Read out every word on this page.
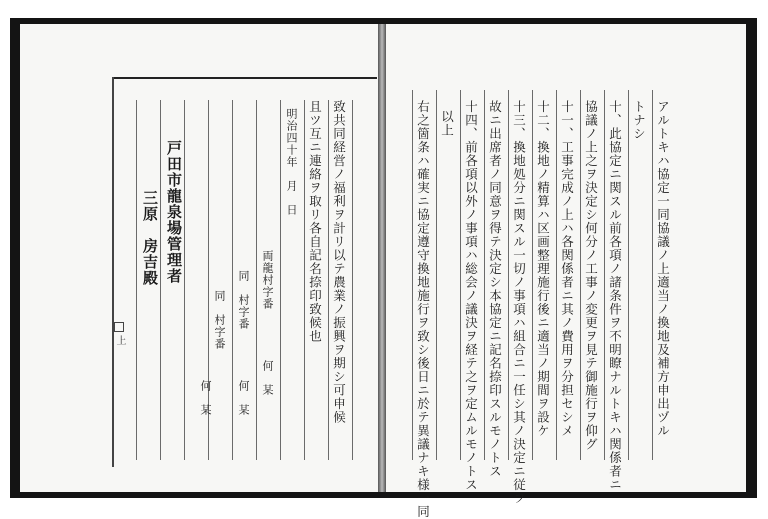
アルトキハ協定一同協議ノ上適当ノ換地及補方申出ヅル
トナシ
十、此協定ニ関スル前各項ノ諸条件ヲ不明瞭ナルトキハ関係者ニ
協議ノ上之ヲ決定シ何分ノ工事ノ変更ヲ見テ御施行ヲ仰グ
十一、工事完成ノ上ハ各関係者ニ其ノ費用ヲ分担セシメ
十二、換地ノ精算ハ区画整理施行後ニ適当ノ期間ヲ設ケ
十三、換地処分ニ関スル一切ノ事項ハ組合ニ一任シ其ノ決定ニ従フ
故ニ出席者ノ同意ヲ得テ決定シ本協定ニ記名捺印スルモノトス
十四、前各項以外ノ事項ハ総会ノ議決ヲ経テ之ヲ定ムルモノトス
以上
右之箇条ハ確実ニ協定遵守換地施行ヲ致シ後日ニ於テ異議ナキ様一同
致共同経営ノ福利ヲ計リ以テ農業ノ振興ヲ期シ可申候
且ツ互ニ連絡ヲ取リ各自記名捺印致候也
明治四十年　月　日
両龍村字番
何　某
同　村字番
何　某
同　村字番
何　某
戸田市龍泉場管理者
三原　房吉殿
上
